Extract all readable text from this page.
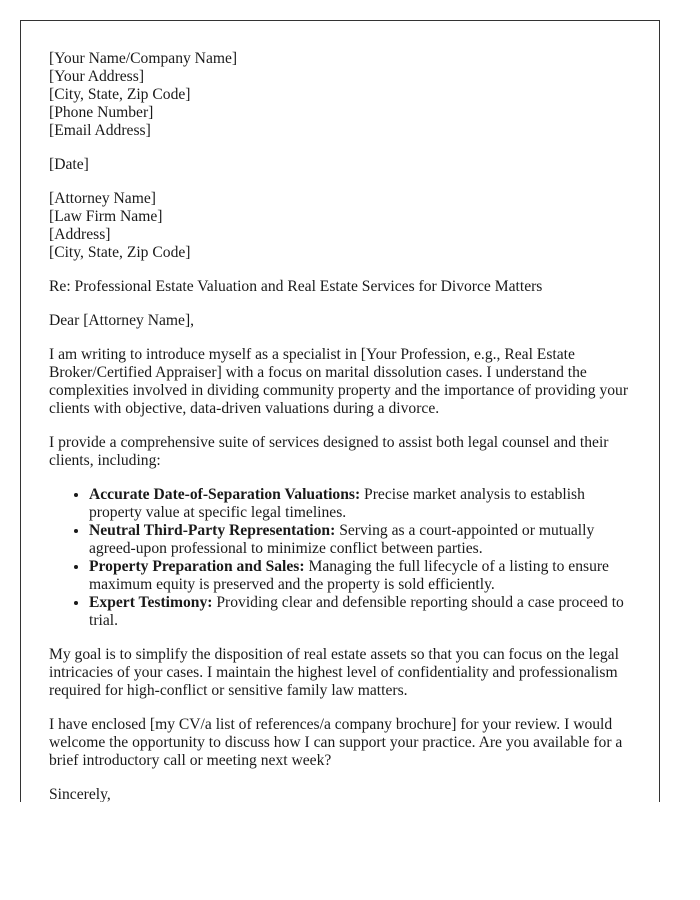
[Your Name/Company Name]
[Your Address]
[City, State, Zip Code]
[Phone Number]
[Email Address]

[Date]

[Attorney Name]
[Law Firm Name]
[Address]
[City, State, Zip Code]

Re: Professional Estate Valuation and Real Estate Services for Divorce Matters

Dear [Attorney Name],

I am writing to introduce myself as a specialist in [Your Profession, e.g., Real Estate Broker/Certified Appraiser] with a focus on marital dissolution cases. I understand the complexities involved in dividing community property and the importance of providing your clients with objective, data-driven valuations during a divorce.

I provide a comprehensive suite of services designed to assist both legal counsel and their clients, including:

• Accurate Date-of-Separation Valuations: Precise market analysis to establish property value at specific legal timelines.
• Neutral Third-Party Representation: Serving as a court-appointed or mutually agreed-upon professional to minimize conflict between parties.
• Property Preparation and Sales: Managing the full lifecycle of a listing to ensure maximum equity is preserved and the property is sold efficiently.
• Expert Testimony: Providing clear and defensible reporting should a case proceed to trial.

My goal is to simplify the disposition of real estate assets so that you can focus on the legal intricacies of your cases. I maintain the highest level of confidentiality and professionalism required for high-conflict or sensitive family law matters.

I have enclosed [my CV/a list of references/a company brochure] for your review. I would welcome the opportunity to discuss how I can support your practice. Are you available for a brief introductory call or meeting next week?

Sincerely,
